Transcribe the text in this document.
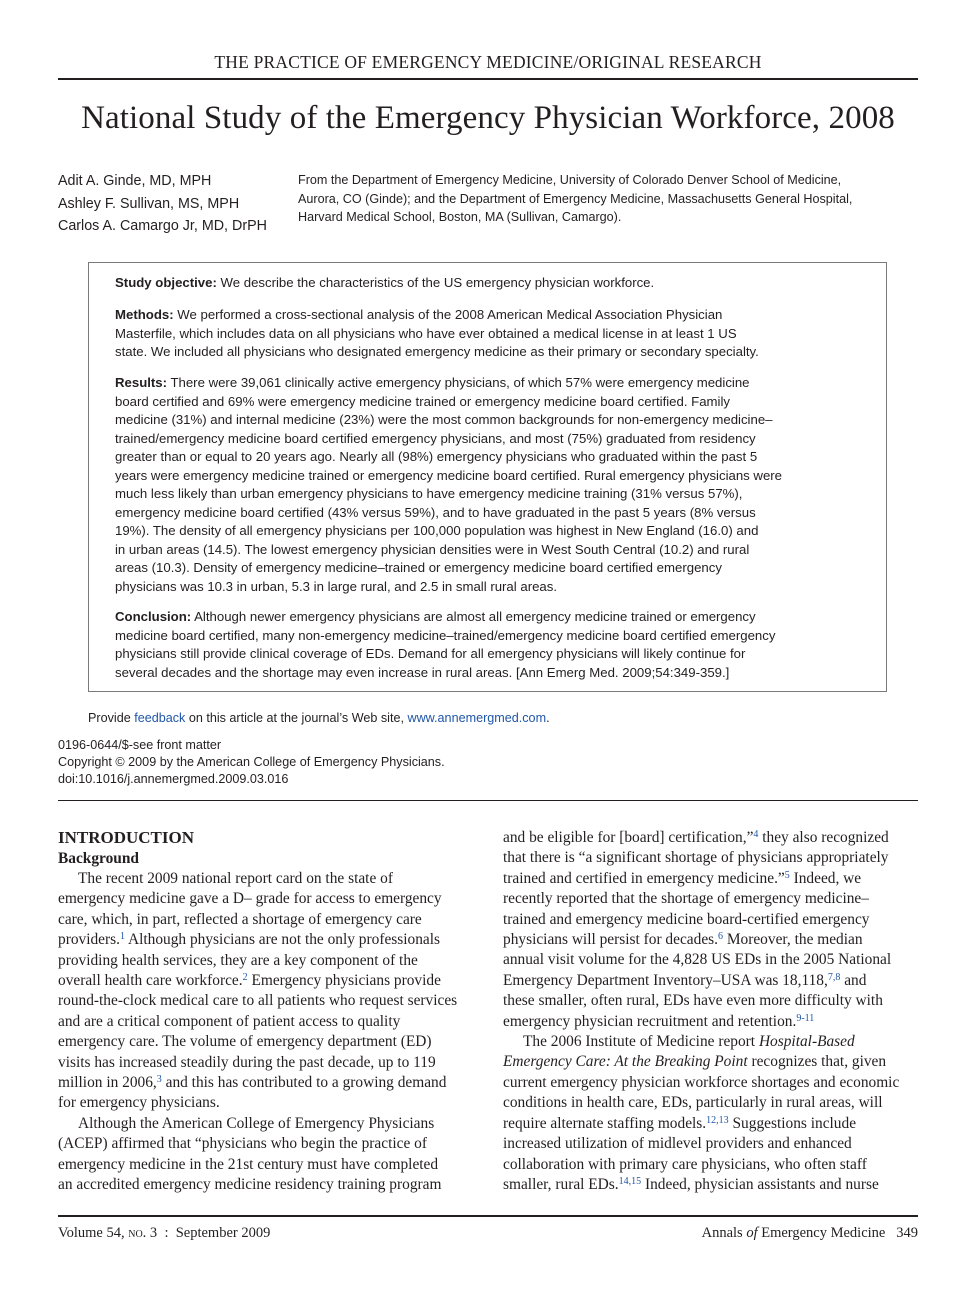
THE PRACTICE OF EMERGENCY MEDICINE/ORIGINAL RESEARCH
National Study of the Emergency Physician Workforce, 2008
Adit A. Ginde, MD, MPH
Ashley F. Sullivan, MS, MPH
Carlos A. Camargo Jr, MD, DrPH
From the Department of Emergency Medicine, University of Colorado Denver School of Medicine,
Aurora, CO (Ginde); and the Department of Emergency Medicine, Massachusetts General Hospital,
Harvard Medical School, Boston, MA (Sullivan, Camargo).
Study objective: We describe the characteristics of the US emergency physician workforce.
Methods: We performed a cross-sectional analysis of the 2008 American Medical Association Physician
Masterfile, which includes data on all physicians who have ever obtained a medical license in at least 1 US
state. We included all physicians who designated emergency medicine as their primary or secondary specialty.
Results: There were 39,061 clinically active emergency physicians, of which 57% were emergency medicine
board certified and 69% were emergency medicine trained or emergency medicine board certified. Family
medicine (31%) and internal medicine (23%) were the most common backgrounds for non-emergency medicine–
trained/emergency medicine board certified emergency physicians, and most (75%) graduated from residency
greater than or equal to 20 years ago. Nearly all (98%) emergency physicians who graduated within the past 5
years were emergency medicine trained or emergency medicine board certified. Rural emergency physicians were
much less likely than urban emergency physicians to have emergency medicine training (31% versus 57%),
emergency medicine board certified (43% versus 59%), and to have graduated in the past 5 years (8% versus
19%). The density of all emergency physicians per 100,000 population was highest in New England (16.0) and
in urban areas (14.5). The lowest emergency physician densities were in West South Central (10.2) and rural
areas (10.3). Density of emergency medicine–trained or emergency medicine board certified emergency
physicians was 10.3 in urban, 5.3 in large rural, and 2.5 in small rural areas.
Conclusion: Although newer emergency physicians are almost all emergency medicine trained or emergency
medicine board certified, many non-emergency medicine–trained/emergency medicine board certified emergency
physicians still provide clinical coverage of EDs. Demand for all emergency physicians will likely continue for
several decades and the shortage may even increase in rural areas. [Ann Emerg Med. 2009;54:349-359.]
Provide feedback on this article at the journal’s Web site, www.annemergmed.com.
0196-0644/$-see front matter
Copyright © 2009 by the American College of Emergency Physicians.
doi:10.1016/j.annemergmed.2009.03.016
INTRODUCTION
Background
The recent 2009 national report card on the state of
emergency medicine gave a D– grade for access to emergency
care, which, in part, reflected a shortage of emergency care
providers.$^1$ Although physicians are not the only professionals
providing health services, they are a key component of the
overall health care workforce.$^2$ Emergency physicians provide
round-the-clock medical care to all patients who request services
and are a critical component of patient access to quality
emergency care. The volume of emergency department (ED)
visits has increased steadily during the past decade, up to 119
million in 2006,$^3$ and this has contributed to a growing demand
for emergency physicians.
Although the American College of Emergency Physicians
(ACEP) affirmed that “physicians who begin the practice of
emergency medicine in the 21st century must have completed
an accredited emergency medicine residency training program
and be eligible for [board] certification,”$^4$ they also recognized
that there is “a significant shortage of physicians appropriately
trained and certified in emergency medicine.”$^5$ Indeed, we
recently reported that the shortage of emergency medicine–
trained and emergency medicine board-certified emergency
physicians will persist for decades.$^6$ Moreover, the median
annual visit volume for the 4,828 US EDs in the 2005 National
Emergency Department Inventory–USA was 18,118,$^{7,8}$ and
these smaller, often rural, EDs have even more difficulty with
emergency physician recruitment and retention.$^{9-11}$
The 2006 Institute of Medicine report Hospital-Based
Emergency Care: At the Breaking Point recognizes that, given
current emergency physician workforce shortages and economic
conditions in health care, EDs, particularly in rural areas, will
require alternate staffing models.$^{12,13}$ Suggestions include
increased utilization of midlevel providers and enhanced
collaboration with primary care physicians, who often staff
smaller, rural EDs.$^{14,15}$ Indeed, physician assistants and nurse
Volume 54, no. 3  :  September 2009	Annals of Emergency Medicine 349
